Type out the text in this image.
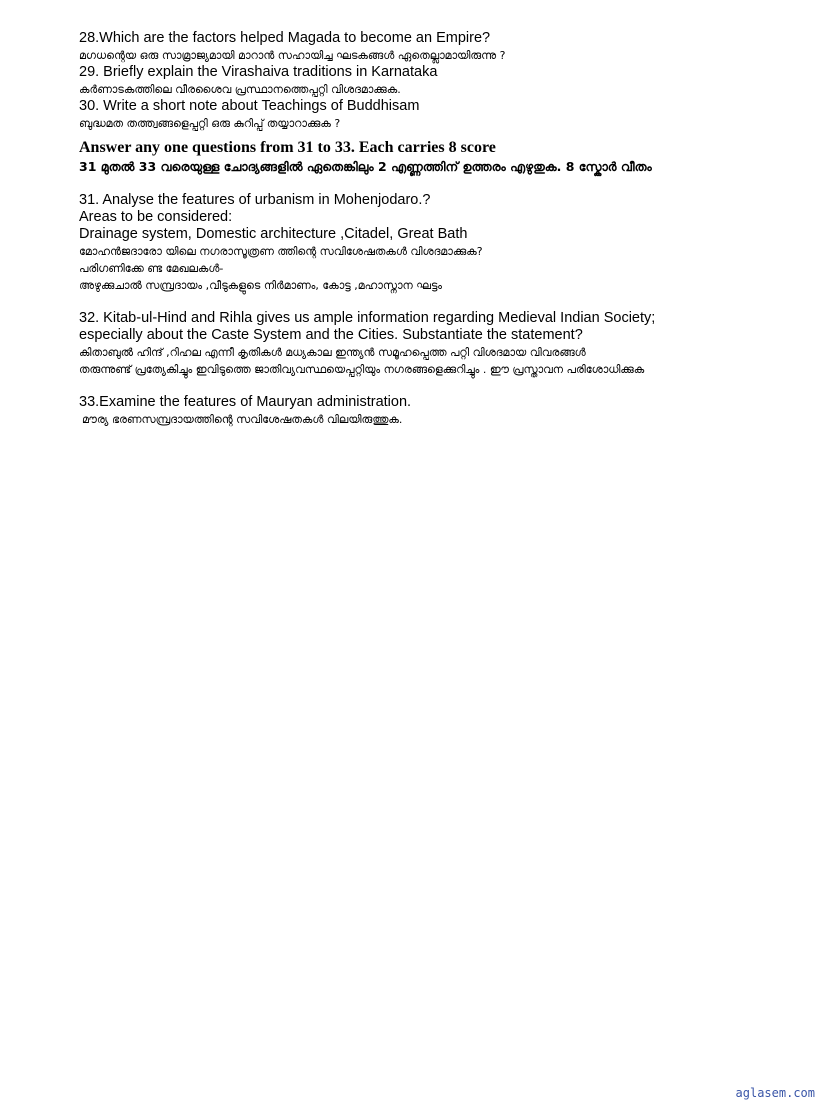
28.Which are the factors helped Magada to become an Empire?

മഗധന്റെയ ഒരു സാമ്രാജ്യമായി മാറാൻ സഹായിച്ച ഘടകങ്ങൾ ഏതെല്ലാമായിരുന്നു ?

29. Briefly explain the Virashaiva traditions in Karnataka

കർണാടകത്തിലെ വീരശൈവ പ്രസ്ഥാനത്തെപ്പറ്റി വിശദമാക്കുക.

30. Write a short note about Teachings of Buddhisam

ബുദ്ധമത തത്ത്വങ്ങളെപ്പറ്റി ഒരു കുറിപ്പ് തയ്യാറാക്കുക ?

Answer any one questions from 31 to 33. Each carries 8 score

31 മുതൽ 33 വരെയുള്ള ചോദ്യങ്ങളിൽ ഏതെങ്കിലും 2 എണ്ണത്തിന് ഉത്തരം എഴുതുക. 8 സ്കോർ വീതം

31. Analyse the features of urbanism in Mohenjodaro.?

Areas to be considered:

Drainage system, Domestic architecture ,Citadel, Great Bath

മോഹൻജദാരോ യിലെ നഗരാസൂത്രണ ത്തിന്റെ സവിശേഷതകൾ വിശദമാക്കുക?

പരിഗണിക്കേ ണ്ട മേഖലകൾ-

അഴുക്കുചാൽ സമ്പ്രദായം ,വീടുകളുടെ നിർമാണം, കോട്ട ,മഹാസ്നാന ഘട്ടം

32. Kitab-ul-Hind and Rihla gives us ample information regarding Medieval Indian Society;

especially about the Caste System and the Cities. Substantiate the statement?

കിതാബുൽ ഹിന്ദ് ,റിഹല എന്നീ കൃതികൾ മധ്യകാല ഇന്ത്യൻ സമൂഹപ്പെത്ത പറ്റി വിശദമായ വിവരങ്ങൾ

തരുന്നുണ്ട് പ്രത്യേകിച്ചും ഇവിടുത്തെ ജാതിവ്യവസ്ഥയെപ്പറ്റിയും നഗരങ്ങളെക്കുറിച്ചും . ഈ പ്രസ്താവന പരിശോധിക്കുക

33.Examine the features of Mauryan administration.

മൗര്യ ഭരണസമ്പ്രദായത്തിന്റെ സവിശേഷതകൾ വിലയിരുത്തുക.

aglasem.com
